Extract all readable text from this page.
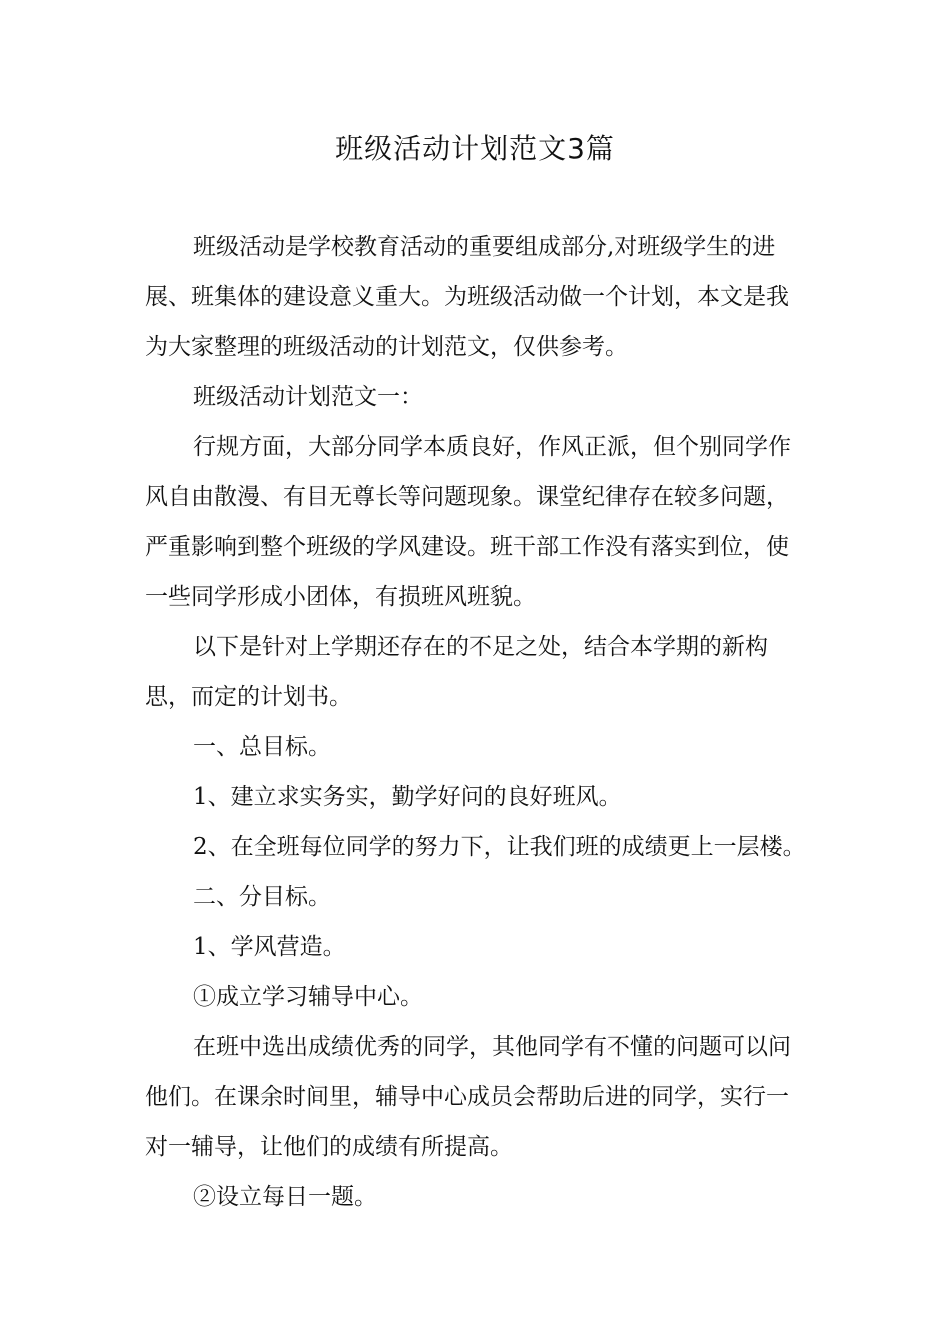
班级活动计划范文3篇

班级活动是学校教育活动的重要组成部分,对班级学生的进展、班集体的建设意义重大。为班级活动做一个计划，本文是我为大家整理的班级活动的计划范文，仅供参考。

班级活动计划范文一：

行规方面，大部分同学本质良好，作风正派，但个别同学作风自由散漫、有目无尊长等问题现象。课堂纪律存在较多问题，严重影响到整个班级的学风建设。班干部工作没有落实到位，使一些同学形成小团体，有损班风班貌。

以下是针对上学期还存在的不足之处，结合本学期的新构思，而定的计划书。

一、总目标。

1、建立求实务实，勤学好问的良好班风。

2、在全班每位同学的努力下，让我们班的成绩更上一层楼。

二、分目标。

1、学风营造。

①成立学习辅导中心。

在班中选出成绩优秀的同学，其他同学有不懂的问题可以问他们。在课余时间里，辅导中心成员会帮助后进的同学，实行一对一辅导，让他们的成绩有所提高。

②设立每日一题。
